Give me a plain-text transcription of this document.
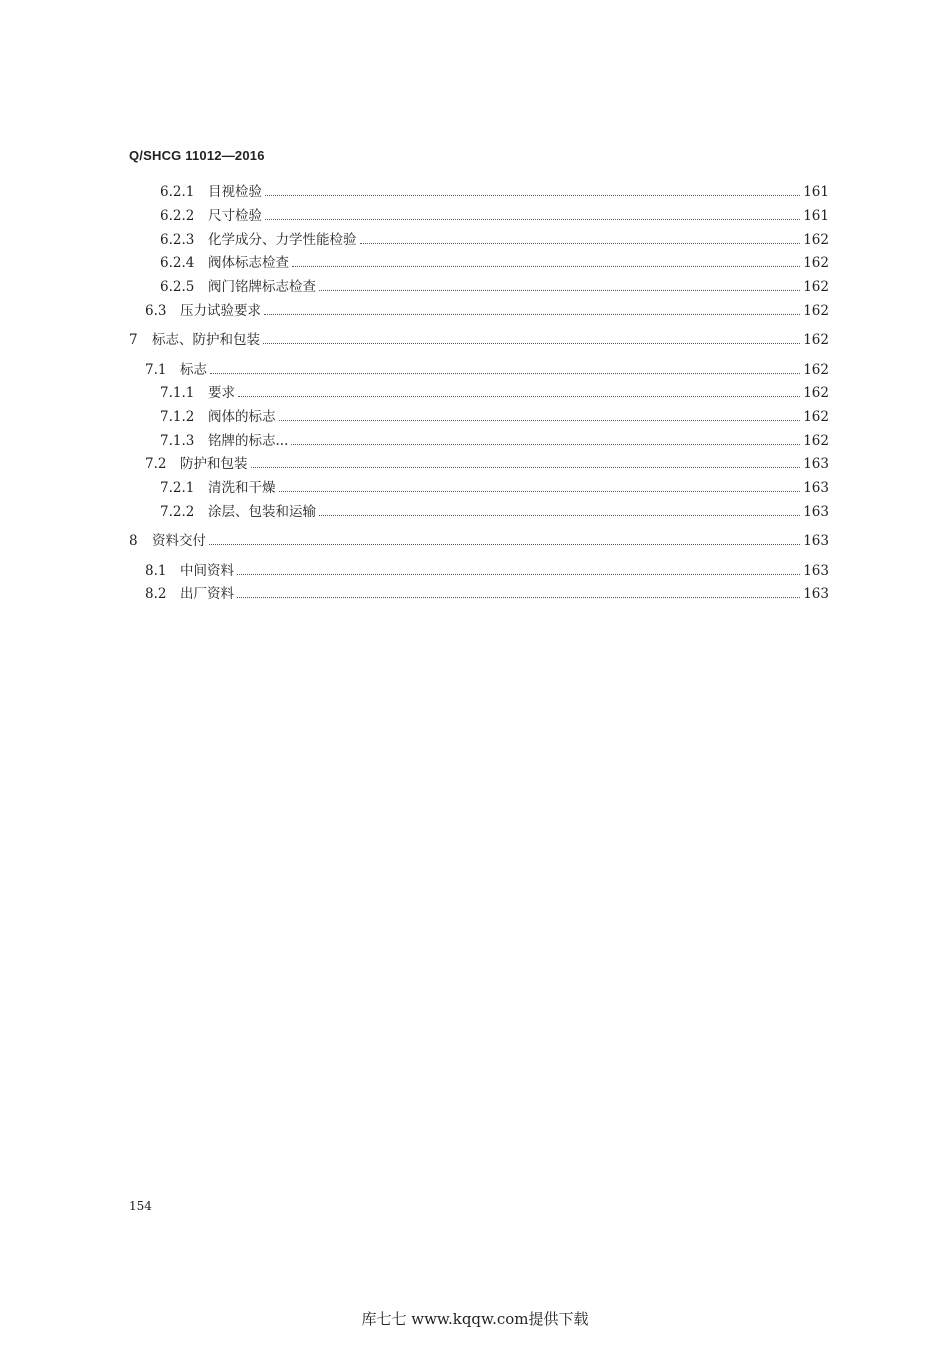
Q/SHCG 11012—2016
6.2.1	目视检验	161
6.2.2	尺寸检验	161
6.2.3	化学成分、力学性能检验	162
6.2.4	阀体标志检查	162
6.2.5	阀门铭牌标志检查	162
6.3	压力试验要求	162
7	标志、防护和包装	162
7.1	标志	162
7.1.1	要求	162
7.1.2	阀体的标志	162
7.1.3	铭牌的标志...	162
7.2	防护和包装	163
7.2.1	清洗和干燥	163
7.2.2	涂层、包装和运输	163
8	资料交付	163
8.1	中间资料	163
8.2	出厂资料	163
154
库七七 www.kqqw.com提供下载
